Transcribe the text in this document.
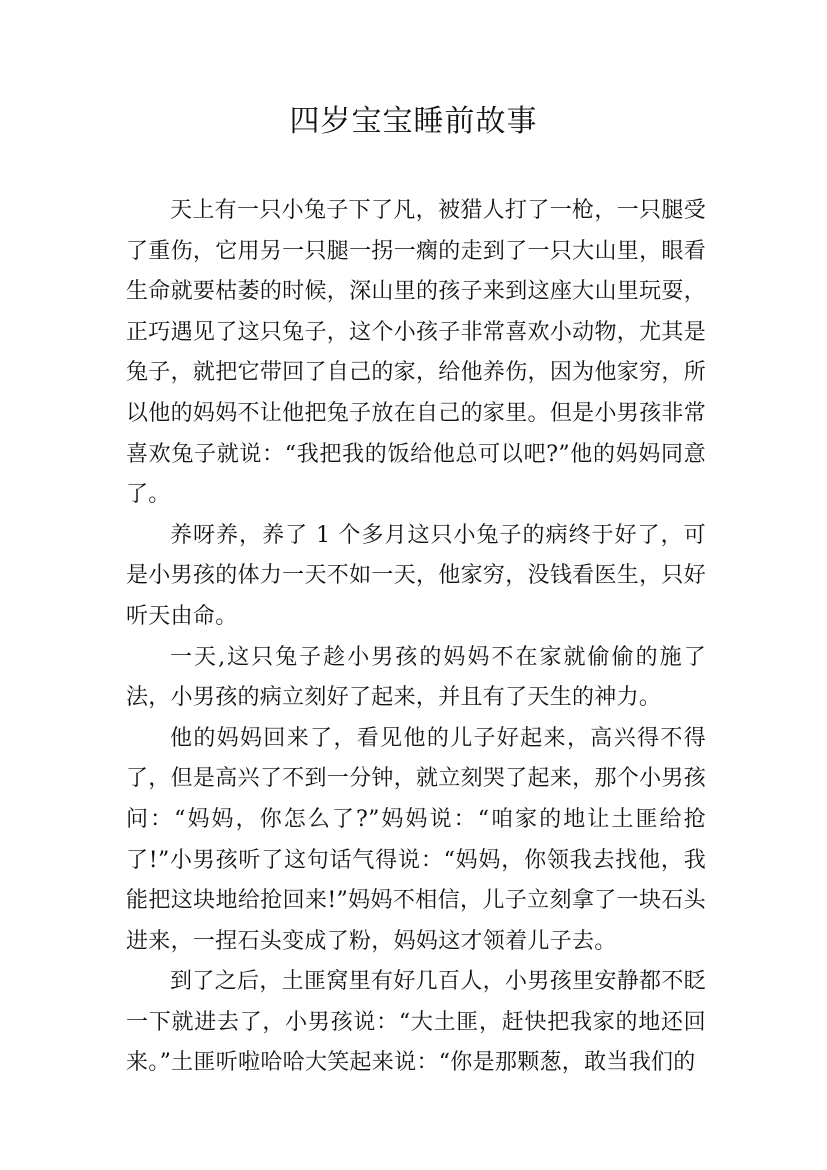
四岁宝宝睡前故事

天上有一只小兔子下了凡，被猎人打了一枪，一只腿受了重伤，它用另一只腿一拐一瘸的走到了一只大山里，眼看生命就要枯萎的时候，深山里的孩子来到这座大山里玩耍，正巧遇见了这只兔子，这个小孩子非常喜欢小动物，尤其是兔子，就把它带回了自己的家，给他养伤，因为他家穷，所以他的妈妈不让他把兔子放在自己的家里。但是小男孩非常喜欢兔子就说：“我把我的饭给他总可以吧?”他的妈妈同意了。

养呀养，养了 1 个多月这只小兔子的病终于好了，可是小男孩的体力一天不如一天，他家穷，没钱看医生，只好听天由命。

一天,这只兔子趁小男孩的妈妈不在家就偷偷的施了法，小男孩的病立刻好了起来，并且有了天生的神力。

他的妈妈回来了，看见他的儿子好起来，高兴得不得了，但是高兴了不到一分钟，就立刻哭了起来，那个小男孩问：“妈妈，你怎么了?”妈妈说：“咱家的地让土匪给抢了!”小男孩听了这句话气得说：“妈妈，你领我去找他，我能把这块地给抢回来!”妈妈不相信，儿子立刻拿了一块石头进来，一捏石头变成了粉，妈妈这才领着儿子去。

到了之后，土匪窝里有好几百人，小男孩里安静都不眨一下就进去了，小男孩说：“大土匪，赶快把我家的地还回来。”土匪听啦哈哈大笑起来说：“你是那颗葱，敢当我们的
